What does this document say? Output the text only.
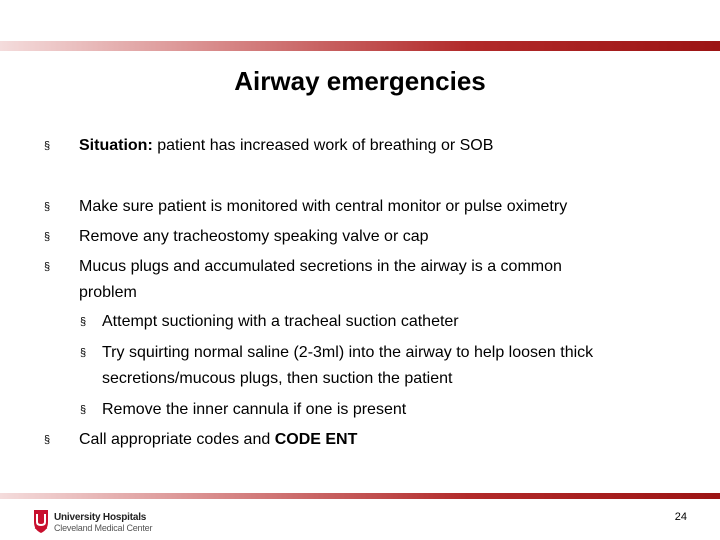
Airway emergencies
§ Situation: patient has increased work of breathing or SOB
§ Make sure patient is monitored with central monitor or pulse oximetry
§ Remove any tracheostomy speaking valve or cap
§ Mucus plugs and accumulated secretions in the airway is a common
problem
§ Attempt suctioning with a tracheal suction catheter
§ Try squirting normal saline (2-3ml) into the airway to help loosen thick
secretions/mucous plugs, then suction the patient
§ Remove the inner cannula if one is present
§ Call appropriate codes and CODE ENT
University Hospitals
Cleveland Medical Center
24
